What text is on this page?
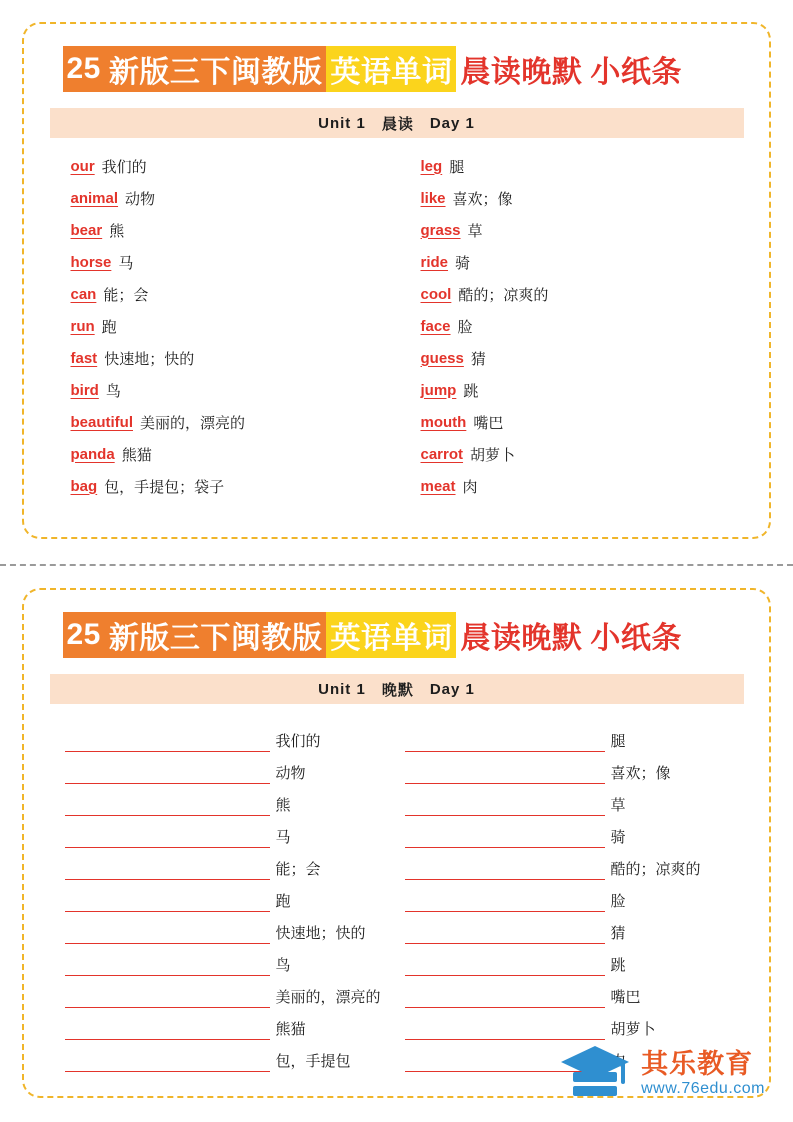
25 新版三下闽教版 英语单词 晨读晚默 小纸条
Unit 1 晨读 Day 1
our 我们的
animal 动物
bear 熊
horse 马
can 能；会
run 跑
fast 快速地；快的
bird 鸟
beautiful 美丽的，漂亮的
panda 熊猫
bag 包，手提包；袋子
leg 腿
like 喜欢；像
grass 草
ride 骑
cool 酷的；凉爽的
face 脸
guess 猜
jump 跳
mouth 嘴巴
carrot 胡萝卜
meat 肉
25 新版三下闽教版 英语单词 晨读晚默 小纸条
Unit 1 晚默 Day 1
我们的
动物
熊
马
能；会
跑
快速地；快的
鸟
美丽的，漂亮的
熊猫
包，手提包
腿
喜欢；像
草
骑
酷的；凉爽的
脸
猜
跳
嘴巴
胡萝卜
其乐教育
www.76edu.com
